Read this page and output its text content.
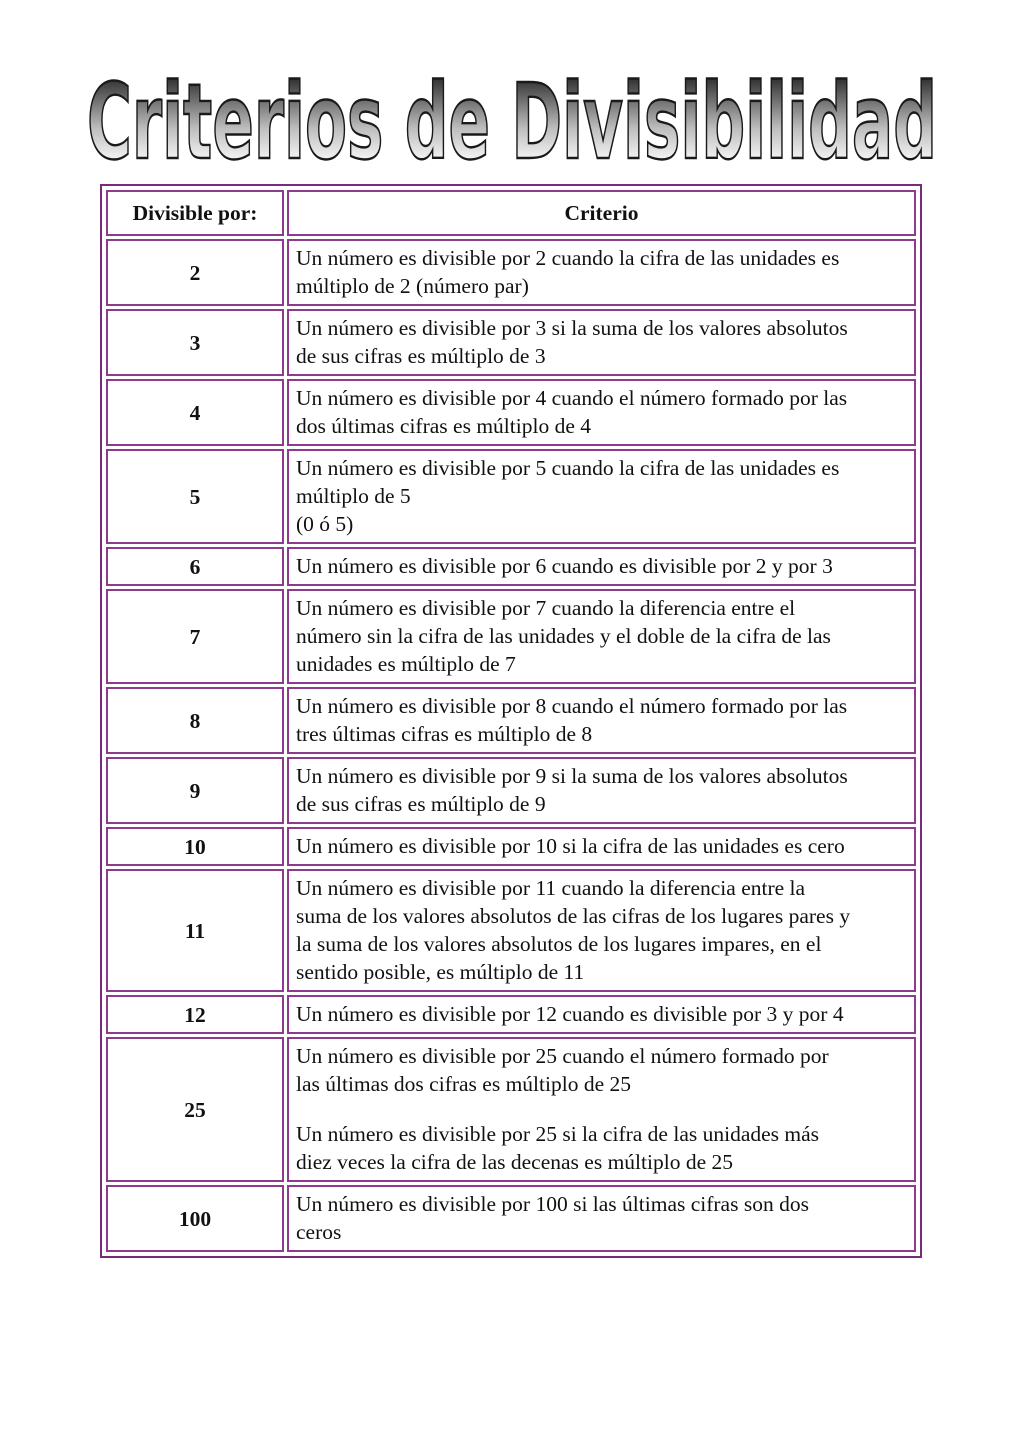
Criterios de Divisibilidad
Divisible por:	Criterio
2	Un número es divisible por 2 cuando la cifra de las unidades es
múltiplo de 2 (número par)

3	Un número es divisible por 3 si la suma de los valores absolutos
de sus cifras es múltiplo de 3

4	Un número es divisible por 4 cuando el número formado por las
dos últimas cifras es múltiplo de 4

5	Un número es divisible por 5 cuando la cifra de las unidades es
múltiplo de 5
(0 ó 5)

6	Un número es divisible por 6 cuando es divisible por 2 y por 3

7	Un número es divisible por 7 cuando la diferencia entre el
número sin la cifra de las unidades y el doble de la cifra de las
unidades es múltiplo de 7

8	Un número es divisible por 8 cuando el número formado por las
tres últimas cifras es múltiplo de 8

9	Un número es divisible por 9 si la suma de los valores absolutos
de sus cifras es múltiplo de 9

10	Un número es divisible por 10 si la cifra de las unidades es cero

11	Un número es divisible por 11 cuando la diferencia entre la
suma de los valores absolutos de las cifras de los lugares pares y
la suma de los valores absolutos de los lugares impares, en el
sentido posible, es múltiplo de 11

12	Un número es divisible por 12 cuando es divisible por 3 y por 4

25	Un número es divisible por 25 cuando el número formado por
las últimas dos cifras es múltiplo de 25
Un número es divisible por 25 si la cifra de las unidades más
diez veces la cifra de las decenas es múltiplo de 25

100	Un número es divisible por 100 si las últimas cifras son dos
ceros
